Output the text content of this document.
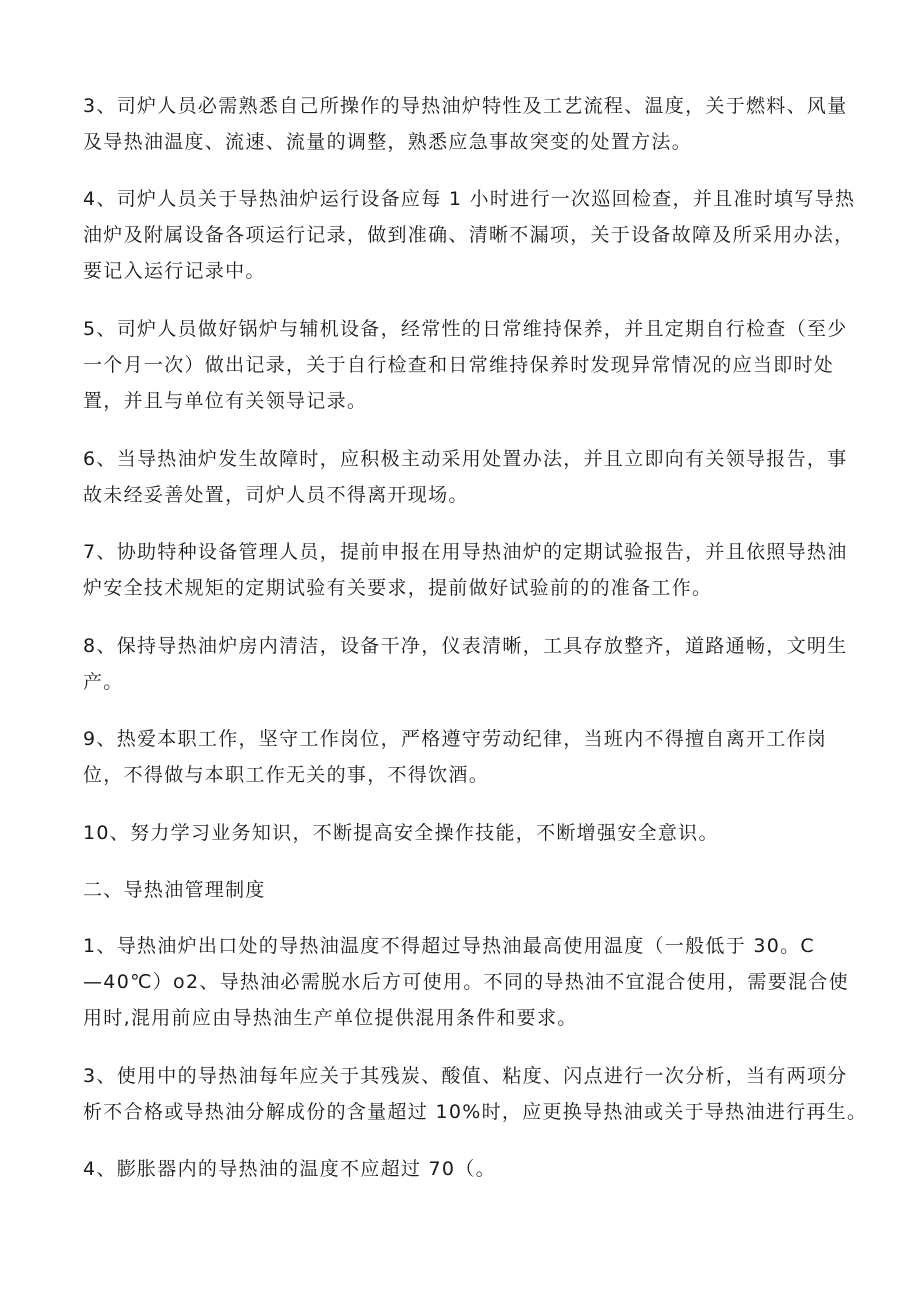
3、司炉人员必需熟悉自己所操作的导热油炉特性及工艺流程、温度，关于燃料、风量
及导热油温度、流速、流量的调整，熟悉应急事故突变的处置方法。

4、司炉人员关于导热油炉运行设备应每 1 小时进行一次巡回检查，并且准时填写导热
油炉及附属设备各项运行记录，做到准确、清晰不漏项，关于设备故障及所采用办法，
要记入运行记录中。

5、司炉人员做好锅炉与辅机设备，经常性的日常维持保养，并且定期自行检查（至少
一个月一次）做出记录，关于自行检查和日常维持保养时发现异常情况的应当即时处
置，并且与单位有关领导记录。

6、当导热油炉发生故障时，应积极主动采用处置办法，并且立即向有关领导报告，事
故未经妥善处置，司炉人员不得离开现场。

7、协助特种设备管理人员，提前申报在用导热油炉的定期试验报告，并且依照导热油
炉安全技术规矩的定期试验有关要求，提前做好试验前的的准备工作。

8、保持导热油炉房内清洁，设备干净，仪表清晰，工具存放整齐，道路通畅，文明生
产。

9、热爱本职工作，坚守工作岗位，严格遵守劳动纪律，当班内不得擅自离开工作岗
位，不得做与本职工作无关的事，不得饮酒。

10、努力学习业务知识，不断提高安全操作技能，不断增强安全意识。

二、导热油管理制度

1、导热油炉出口处的导热油温度不得超过导热油最高使用温度（一般低于 30。C
—40℃）o2、导热油必需脱水后方可使用。不同的导热油不宜混合使用，需要混合使
用时,混用前应由导热油生产单位提供混用条件和要求。

3、使用中的导热油每年应关于其残炭、酸值、粘度、闪点进行一次分析，当有两项分
析不合格或导热油分解成份的含量超过 10%时，应更换导热油或关于导热油进行再生。

4、膨胀器内的导热油的温度不应超过 70（。
